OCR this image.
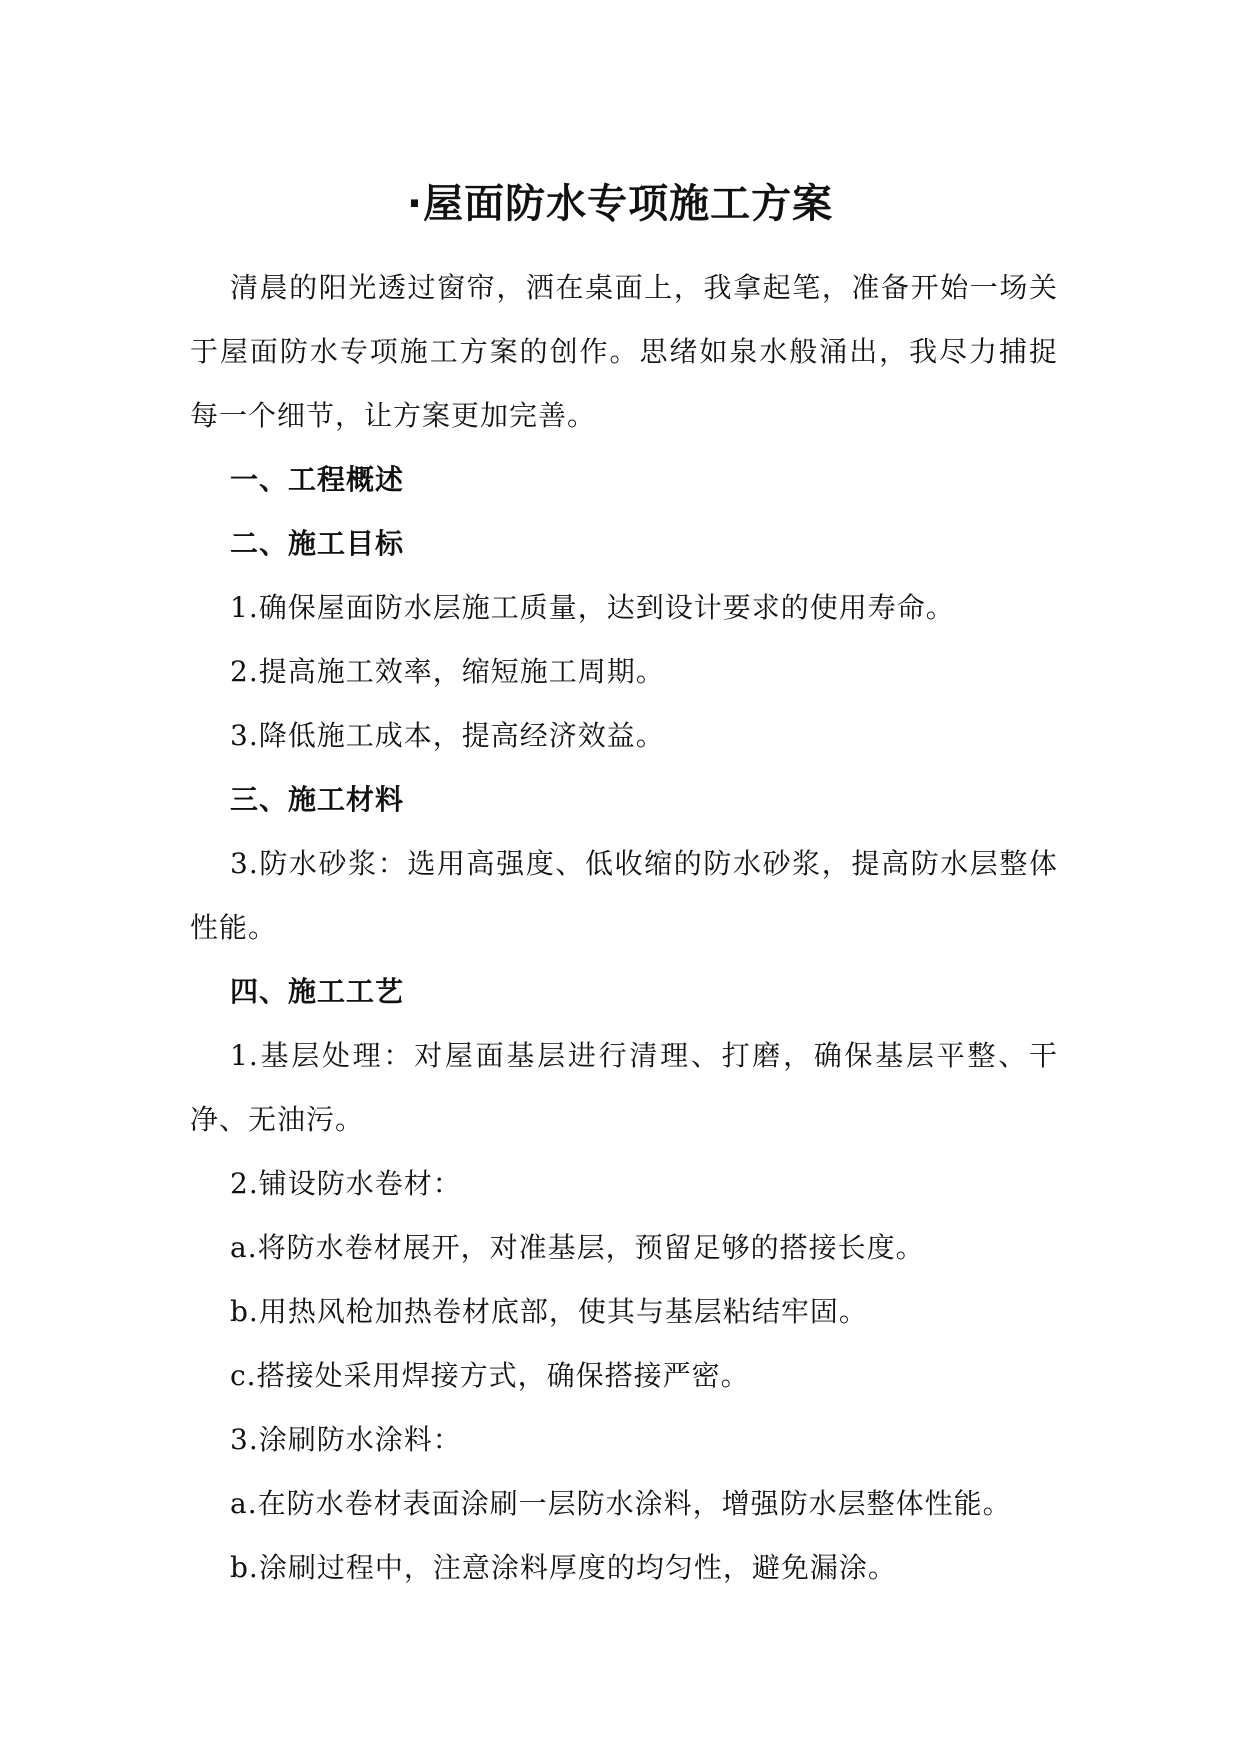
·屋面防水专项施工方案

清晨的阳光透过窗帘，洒在桌面上，我拿起笔，准备开始一场关于屋面防水专项施工方案的创作。思绪如泉水般涌出，我尽力捕捉每一个细节，让方案更加完善。

一、工程概述

二、施工目标

1.确保屋面防水层施工质量，达到设计要求的使用寿命。

2.提高施工效率，缩短施工周期。

3.降低施工成本，提高经济效益。

三、施工材料

3.防水砂浆：选用高强度、低收缩的防水砂浆，提高防水层整体性能。

四、施工工艺

1.基层处理：对屋面基层进行清理、打磨，确保基层平整、干净、无油污。

2.铺设防水卷材：

a.将防水卷材展开，对准基层，预留足够的搭接长度。

b.用热风枪加热卷材底部，使其与基层粘结牢固。

c.搭接处采用焊接方式，确保搭接严密。

3.涂刷防水涂料：

a.在防水卷材表面涂刷一层防水涂料，增强防水层整体性能。

b.涂刷过程中，注意涂料厚度的均匀性，避免漏涂。
